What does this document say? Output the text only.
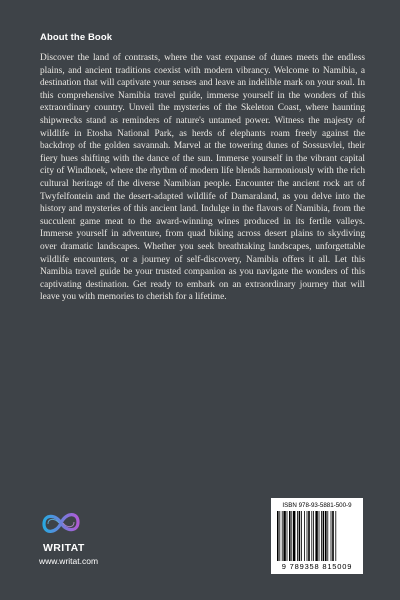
About the Book

Discover the land of contrasts, where the vast expanse of dunes meets the endless plains, and ancient traditions coexist with modern vibrancy. Welcome to Namibia, a destination that will captivate your senses and leave an indelible mark on your soul. In this comprehensive Namibia travel guide, immerse yourself in the wonders of this extraordinary country. Unveil the mysteries of the Skeleton Coast, where haunting shipwrecks stand as reminders of nature's untamed power. Witness the majesty of wildlife in Etosha National Park, as herds of elephants roam freely against the backdrop of the golden savannah. Marvel at the towering dunes of Sossusvlei, their fiery hues shifting with the dance of the sun. Immerse yourself in the vibrant capital city of Windhoek, where the rhythm of modern life blends harmoniously with the rich cultural heritage of the diverse Namibian people. Encounter the ancient rock art of Twyfelfontein and the desert-adapted wildlife of Damaraland, as you delve into the history and mysteries of this ancient land. Indulge in the flavors of Namibia, from the succulent game meat to the award-winning wines produced in its fertile valleys. Immerse yourself in adventure, from quad biking across desert plains to skydiving over dramatic landscapes. Whether you seek breathtaking landscapes, unforgettable wildlife encounters, or a journey of self-discovery, Namibia offers it all. Let this Namibia travel guide be your trusted companion as you navigate the wonders of this captivating destination. Get ready to embark on an extraordinary journey that will leave you with memories to cherish for a lifetime.

WRITAT
www.writat.com
ISBN 978-93-5881-500-9
9 789358 815009
